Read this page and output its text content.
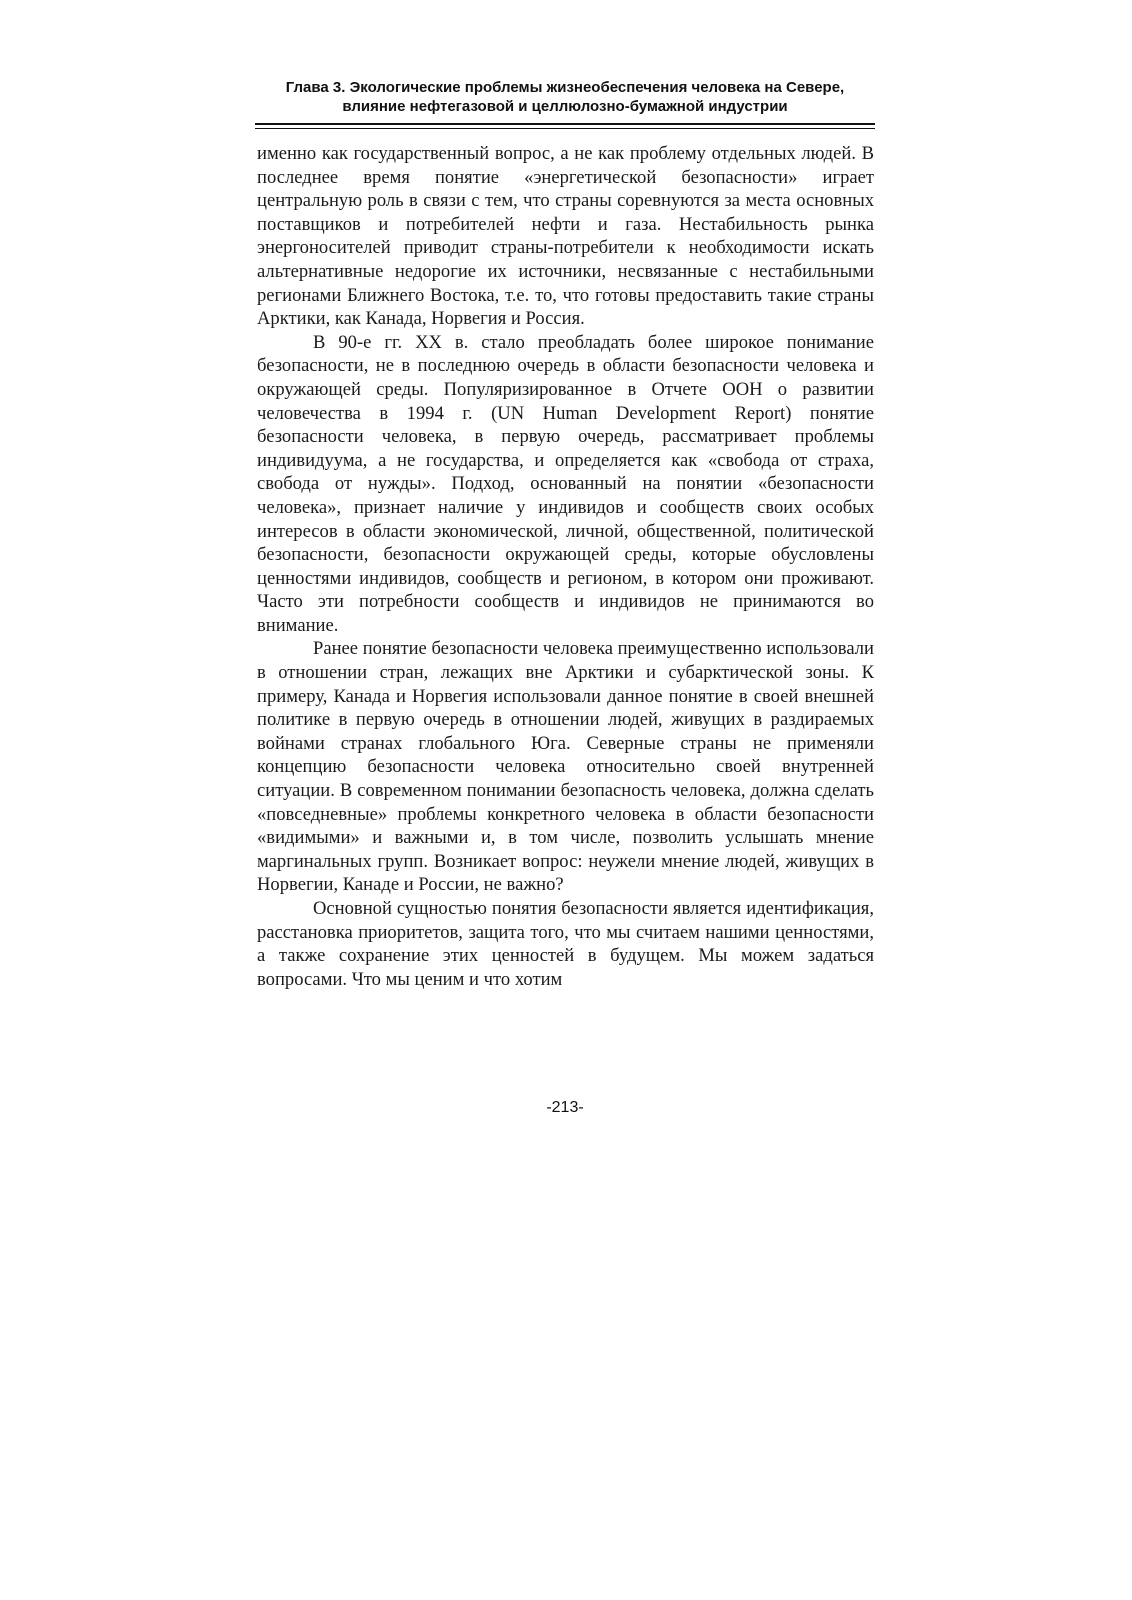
Глава 3. Экологические проблемы жизнеобеспечения человека на Севере,
влияние нефтегазовой и целлюлозно-бумажной индустрии

именно как государственный вопрос, а не как проблему отдельных людей. В последнее время понятие «энергетической безопасности» играет центральную роль в связи с тем, что страны соревнуются за места основных поставщиков и потребителей нефти и газа. Нестабильность рынка энергоносителей приводит страны-потребители к необходимости искать альтернативные недорогие их источники, несвязанные с нестабильными регионами Ближнего Востока, т.е. то, что готовы предоставить такие страны Арктики, как Канада, Норвегия и Россия.

В 90-е гг. XX в. стало преобладать более широкое понимание безопасности, не в последнюю очередь в области безопасности человека и окружающей среды. Популяризированное в Отчете ООН о развитии человечества в 1994 г. (UN Human Development Report) понятие безопасности человека, в первую очередь, рассматривает проблемы индивидуума, а не государства, и определяется как «свобода от страха, свобода от нужды». Подход, основанный на понятии «безопасности человека», признает наличие у индивидов и сообществ своих особых интересов в области экономической, личной, общественной, политической безопасности, безопасности окружающей среды, которые обусловлены ценностями индивидов, сообществ и регионом, в котором они проживают. Часто эти потребности сообществ и индивидов не принимаются во внимание.

Ранее понятие безопасности человека преимущественно использовали в отношении стран, лежащих вне Арктики и субарктической зоны. К примеру, Канада и Норвегия использовали данное понятие в своей внешней политике в первую очередь в отношении людей, живущих в раздираемых войнами странах глобального Юга. Северные страны не применяли концепцию безопасности человека относительно своей внутренней ситуации. В современном понимании безопасность человека, должна сделать «повседневные» проблемы конкретного человека в области безопасности «видимыми» и важными и, в том числе, позволить услышать мнение маргинальных групп. Возникает вопрос: неужели мнение людей, живущих в Норвегии, Канаде и России, не важно?

Основной сущностью понятия безопасности является идентификация, расстановка приоритетов, защита того, что мы считаем нашими ценностями, а также сохранение этих ценностей в будущем. Мы можем задаться вопросами. Что мы ценим и что хотим

-213-
